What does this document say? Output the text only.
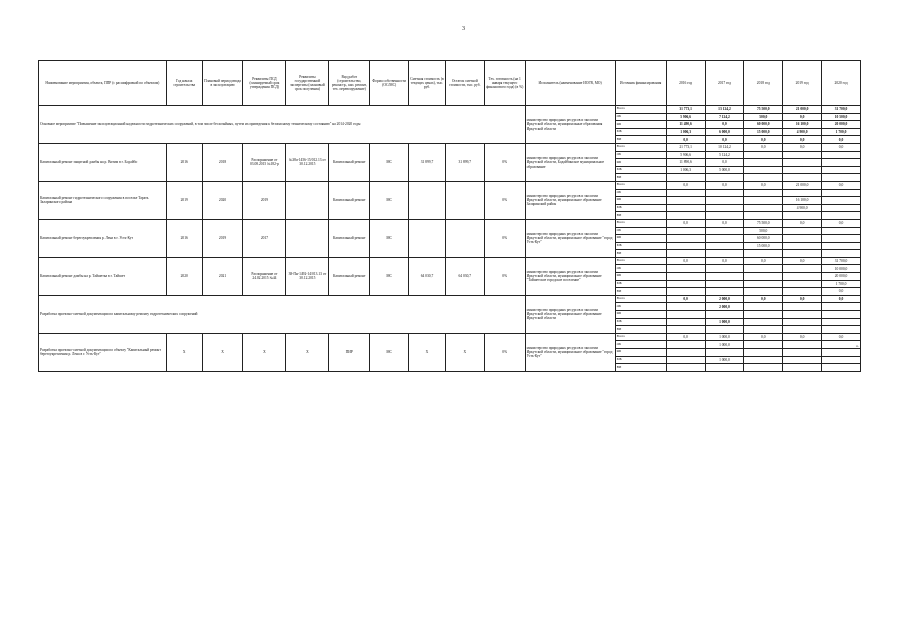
3
Наименование мероприятия, объекта, ППР (с расшифровкой по объектам)	Год начала строительства	Плановый период ввода в эксплуатацию	Реквизиты ПСД (планируемый срок утверждения ПСД)	Реквизиты государственной экспертизы (плановый срок получения)	Вид работ (строительство, реконстр., кап. ремонт, тех. перевооружение)	Форма собственности (ОС/МС)	Сметная стоимость (в текущих ценах), тыс. руб.	Остаток сметной стоимости, тыс. руб.	Тех. готовность (на 1 января текущего финансового года) (в %)	Исполнитель (наименование ИОГВ, МО)	Источник финансирования	2016 год	2017 год	2018 год	2019 год	2020 год
Основное мероприятие "Повышение эксплуатационной надежности гидротехнических сооружений, в том числе бесхозяйных, путем их приведения к безопасному техническому состоянию" на 2014-2020 годы										министерство природных ресурсов и экологии Иркутской области, муниципальные образования Иркутской области	Всего	31 773,1	13 124,2	75 500,0	21 000,0	31 700,0
											ОБ	5 906,6	7 124,2	500,0	0,0	10 500,0
											ФБ	11 490,6	0,0	60 000,0	16 100,0	20 000,0
											МБ	1 006,3	6 000,0	15 000,0	4 900,0	1 700,0
											ВИ	0,0	0,0	0,0	0,0	0,0
Капитальный ремонт защитной дамбы на р. Витим в г. Бодайбо	2016	2018	Распоряжение от 03.08.2015 №182-р	№38а-1456-15/012.13 от 30.12.2015	Капитальный ремонт	МС	31 899,7	31 899,7	0%	министерство природных ресурсов и экологии Иркутской области, Бодайбинское муниципальное образование	Всего	21 773,1	10 124,2	0,0	0,0	0,0
											ОБ	5 906,6	5 124,2			
											ФБ	11 890,6	0,0			
											МБ	1 006,3	5 000,0			
											ВИ					
Капитальный ремонт гидротехнического сооружения в поселке Тарать Заларинского района	2019	2020	2019		Капитальный ремонт	МС			0%	министерство природных ресурсов и экологии Иркутской области, муниципальное образование Заларинский район	Всего	0,0	0,0	0,0	21 000,0	0,0
											ОБ					
											ФБ				16 100,0	
											МБ				4 900,0	
											ВИ					
Капитальный ремонт берегоукрепления р. Лена в г. Усть-Кут	2016	2019	2017		Капитальный ремонт	МС			0%	министерство природных ресурсов и экологии Иркутской области, муниципальное образование "город Усть-Кут"	Всего	0,0	0,0	75 500,0	0,0	0,0
											ОБ			500,0		
											ФБ			60 000,0		
											МБ			15 000,0		
											ВИ					
Капитальный ремонт дамбы на р. Тайшетка в г. Тайшет	2020	2021	Распоряжение от 24.02.2015 №44	38-Пн-1492-14/013.13 от 30.12.2015	Капитальный ремонт	МС	64 030,7	64 030,7	0%	министерство природных ресурсов и экологии Иркутской области, муниципальное образование "Тайшетское городское поселение"	Всего	0,0	0,0	0,0	0,0	31 700,0
											ОБ					10 000,0
											ФБ					20 000,0
											МБ					1 700,0
											ВИ					0,0
Разработка проектно-сметной документации по капитальному ремонту гидротехнических сооружений										министерство природных ресурсов и экологии Иркутской области, муниципальное образование Иркутской области	Всего	0,0	2 000,0	0,0	0,0	0,0
											ОБ		2 000,0			
											ФБ					
											МБ		1 000,0			
											ВИ					
Разработка проектно-сметной документации по объекту "Капитальный ремонт берегоукрепления р. Лена в г. Усть-Кут"	Х	Х	Х	Х	ПИР	МС	Х	Х	0%	министерство природных ресурсов и экологии Иркутской области, муниципальное образование "город Усть-Кут"	Всего	0,0	1 000,0	0,0	0,0	0,0
											ОБ		1 000,0			
											ФБ					
											МБ		1 000,0			
											ВИ					
».
